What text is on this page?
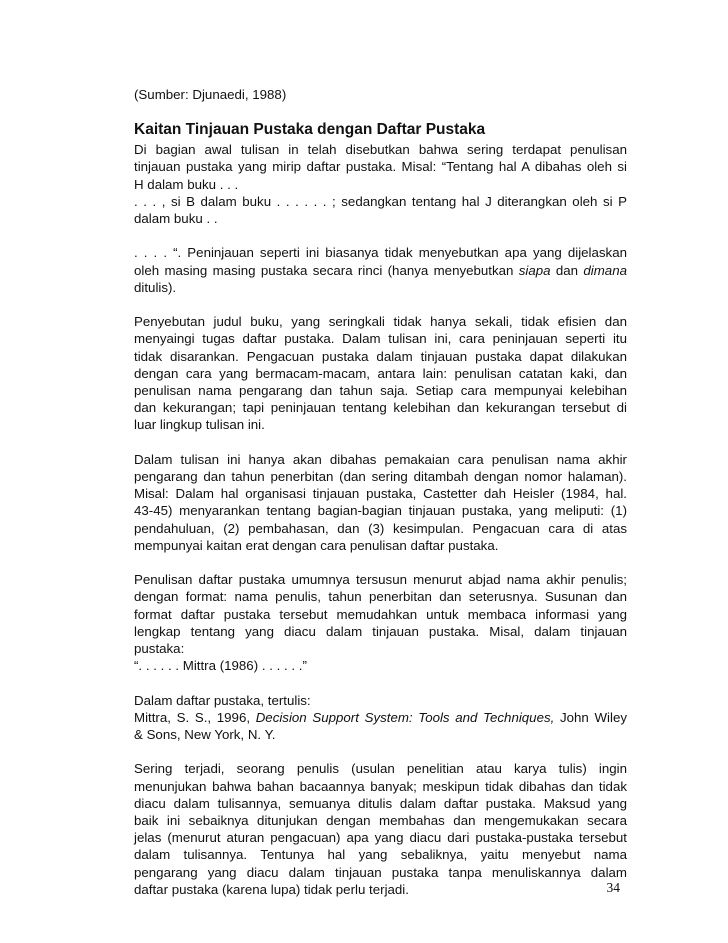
(Sumber: Djunaedi, 1988)
Kaitan Tinjauan Pustaka dengan Daftar Pustaka

Di bagian awal tulisan in telah disebutkan bahwa sering terdapat penulisan
tinjauan pustaka yang mirip daftar pustaka. Misal: “Tentang hal A dibahas oleh si
H dalam buku . . .
. . . , si B dalam buku . . . . . . ; sedangkan tentang hal J diterangkan oleh si P
dalam buku . .

. . . . “. Peninjauan seperti ini biasanya tidak menyebutkan apa yang dijelaskan
oleh masing masing pustaka secara rinci (hanya menyebutkan siapa dan dimana
ditulis).

Penyebutan judul buku, yang seringkali tidak hanya sekali, tidak efisien dan
menyaingi tugas daftar pustaka. Dalam tulisan ini, cara peninjauan seperti itu
tidak disarankan. Pengacuan pustaka dalam tinjauan pustaka dapat dilakukan
dengan cara yang bermacam-macam, antara lain: penulisan catatan kaki, dan
penulisan nama pengarang dan tahun saja. Setiap cara mempunyai kelebihan
dan kekurangan; tapi peninjauan tentang kelebihan dan kekurangan tersebut di
luar lingkup tulisan ini.

Dalam tulisan ini hanya akan dibahas pemakaian cara penulisan nama akhir
pengarang dan tahun penerbitan (dan sering ditambah dengan nomor halaman).
Misal: Dalam hal organisasi tinjauan pustaka, Castetter dah Heisler (1984, hal.
43-45) menyarankan tentang bagian-bagian tinjauan pustaka, yang meliputi: (1)
pendahuluan, (2) pembahasan, dan (3) kesimpulan. Pengacuan cara di atas
mempunyai kaitan erat dengan cara penulisan daftar pustaka.

Penulisan daftar pustaka umumnya tersusun menurut abjad nama akhir penulis;
dengan format: nama penulis, tahun penerbitan dan seterusnya. Susunan dan
format daftar pustaka tersebut memudahkan untuk membaca informasi yang
lengkap tentang yang diacu dalam tinjauan pustaka. Misal, dalam tinjauan
pustaka:
“. . . . . . Mittra (1986) . . . . . .”

Dalam daftar pustaka, tertulis:
Mittra, S. S., 1996, Decision Support System: Tools and Techniques, John Wiley
& Sons, New York, N. Y.

Sering terjadi, seorang penulis (usulan penelitian atau karya tulis) ingin
menunjukan bahwa bahan bacaannya banyak; meskipun tidak dibahas dan tidak
diacu dalam tulisannya, semuanya ditulis dalam daftar pustaka. Maksud yang
baik ini sebaiknya ditunjukan dengan membahas dan mengemukakan secara
jelas (menurut aturan pengacuan) apa yang diacu dari pustaka-pustaka tersebut
dalam tulisannya. Tentunya hal yang sebaliknya, yaitu menyebut nama
pengarang yang diacu dalam tinjauan pustaka tanpa menuliskannya dalam
daftar pustaka (karena lupa) tidak perlu terjadi.	34
